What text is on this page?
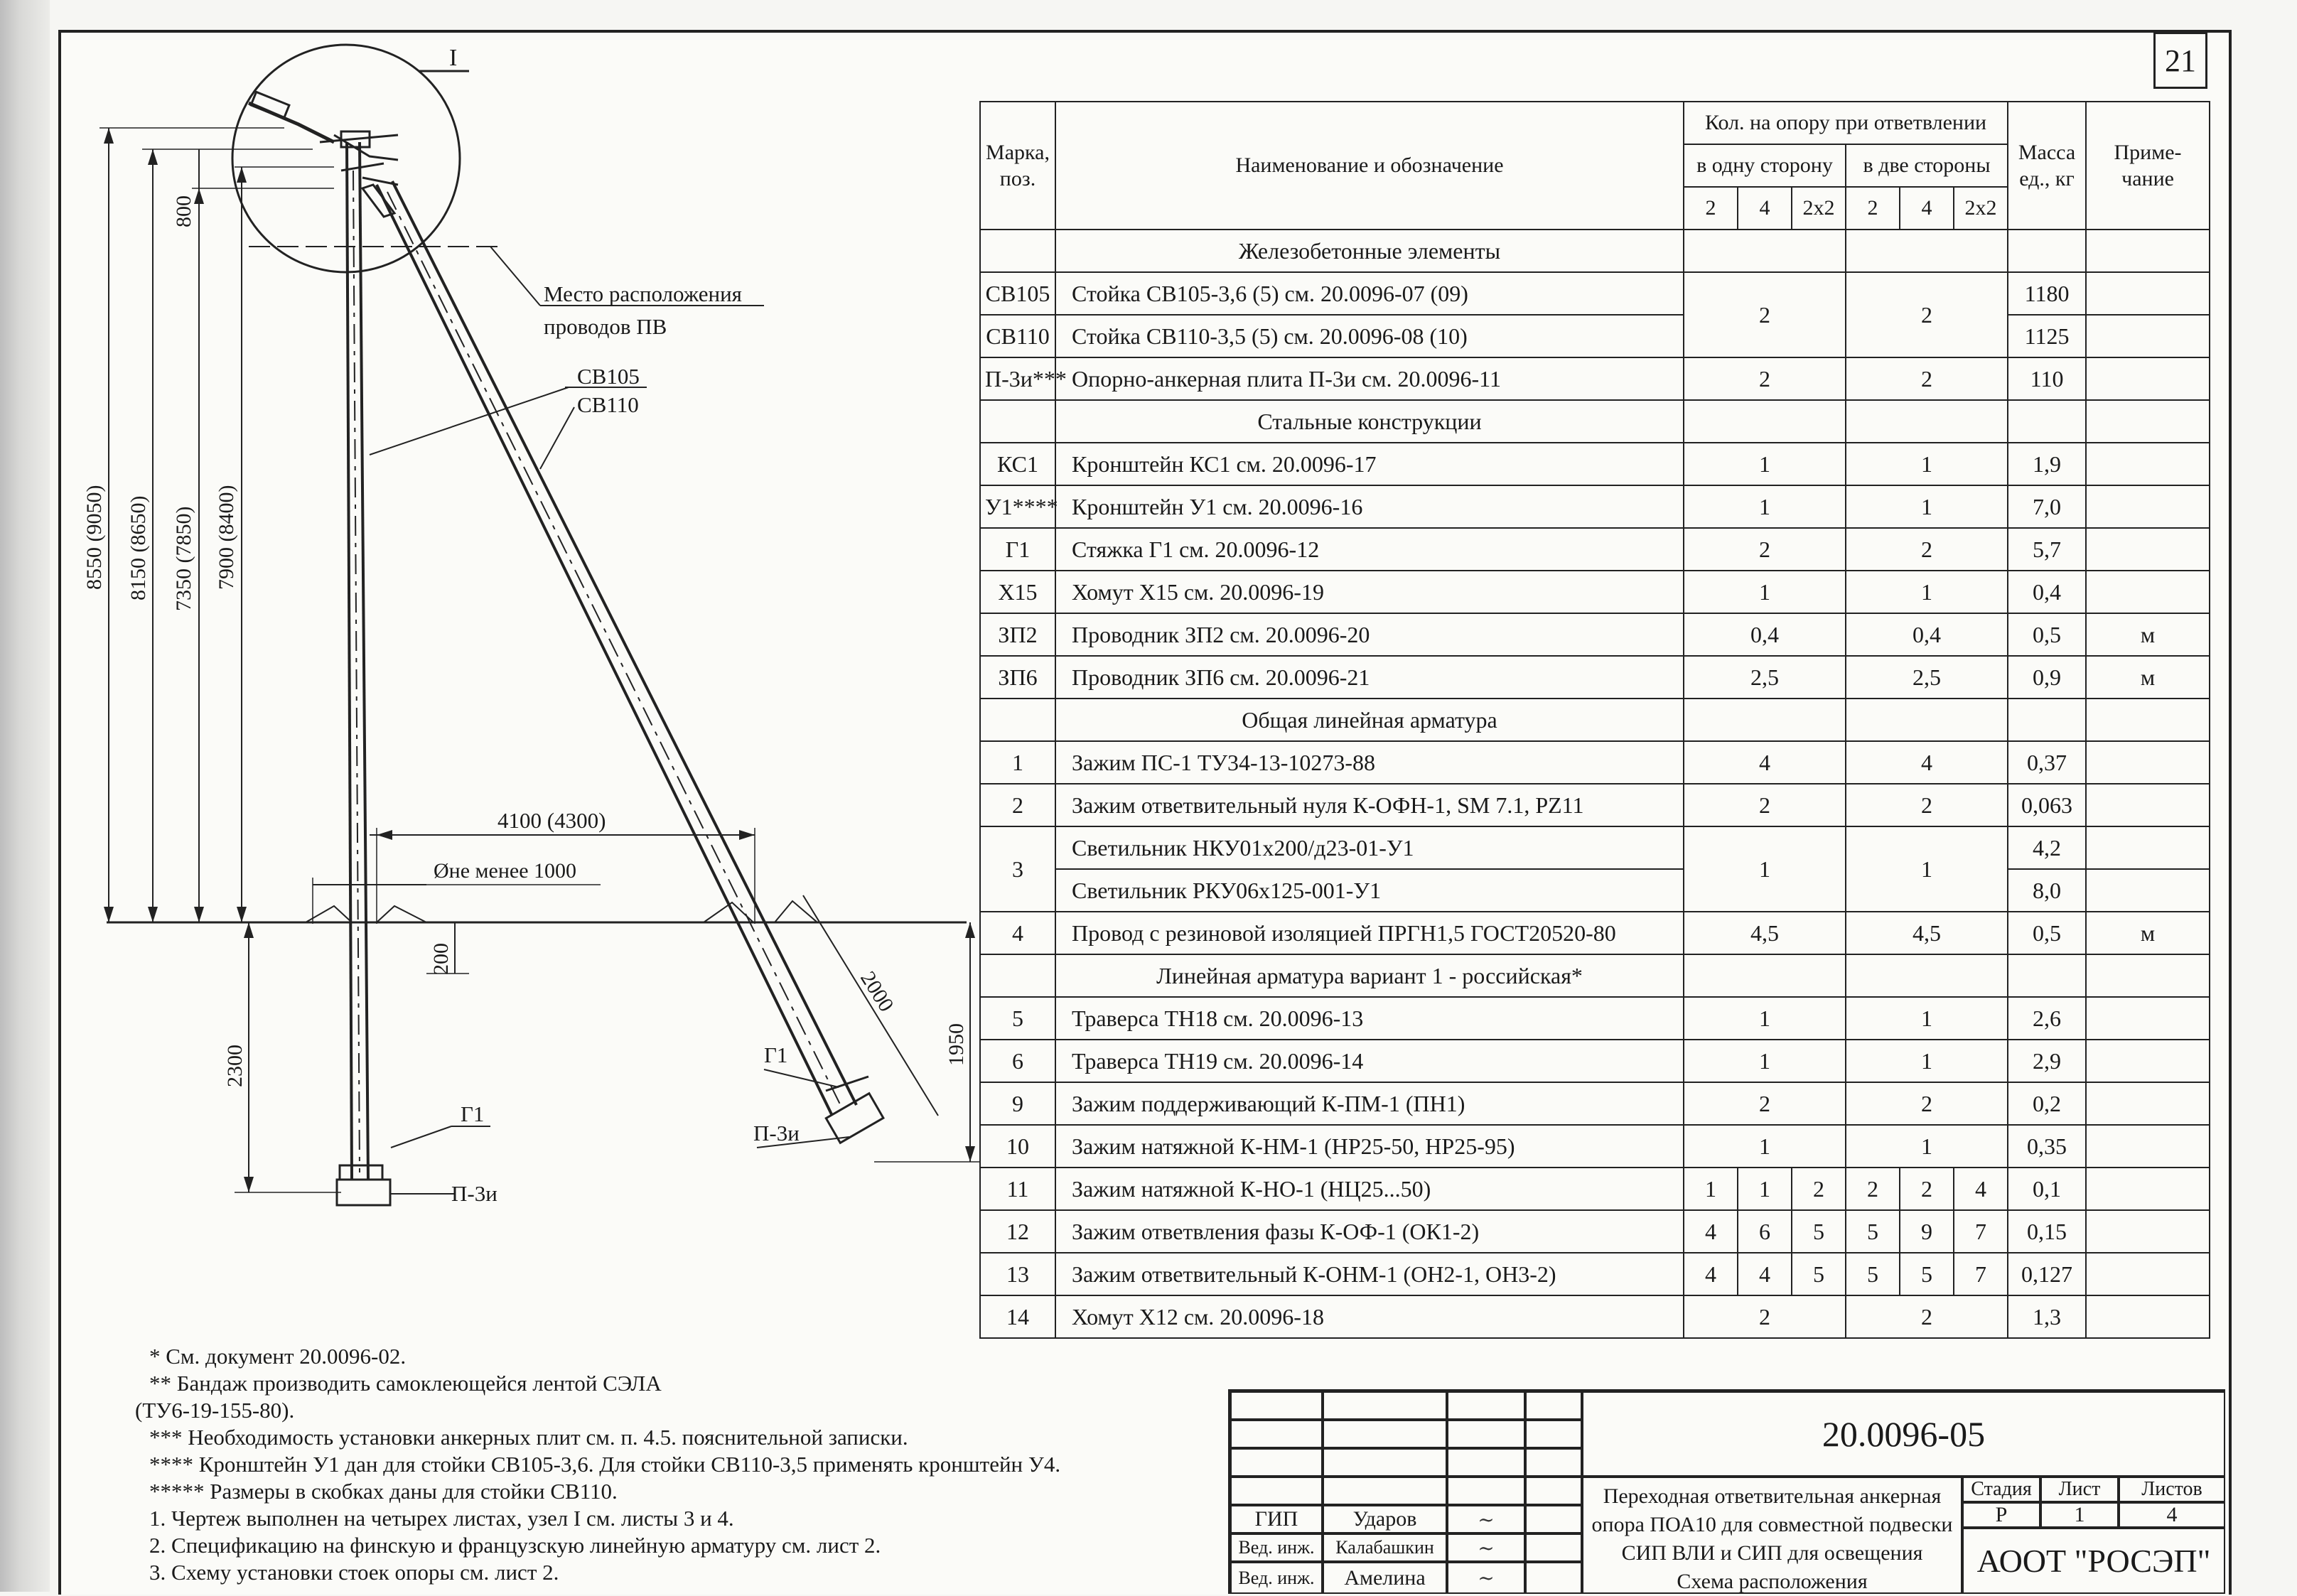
21
I
Место расположения
проводов ПВ
СВ105
СВ110
8550 (9050) 8150 (8650) 7350 (7850) 7900 (8400)
800
4100 (4300)
Øне менее 1000
200
2300
2000
1950
Г1
П-3и
Г1
П-3и
Марка, поз.	Наименование и обозначение	Кол. на опору при ответвлении						Масса ед., кг	Приме- чание
		в одну сторону			в две стороны				
		2	4	2х2	2	4	2х2		
	Железобетонные элементы								
СВ105	Стойка СВ105-3,6 (5) см. 20.0096-07 (09)	2			2			1180	
СВ110	Стойка СВ110-3,5 (5) см. 20.0096-08 (10)							1125	
П-3и***	Опорно-анкерная плита П-3и см. 20.0096-11	2			2			110	
	Стальные конструкции								
КС1	Кронштейн КС1 см. 20.0096-17	1			1			1,9	
У1****	Кронштейн У1 см. 20.0096-16	1			1			7,0	
Г1	Стяжка Г1 см. 20.0096-12	2			2			5,7	
Х15	Хомут Х15 см. 20.0096-19	1			1			0,4	
ЗП2	Проводник ЗП2 см. 20.0096-20	0,4			0,4			0,5	м
ЗП6	Проводник ЗП6 см. 20.0096-21	2,5			2,5			0,9	м
	Общая линейная арматура								
1	Зажим ПС-1 ТУ34-13-10273-88	4			4			0,37	
2	Зажим ответвительный нуля К-ОФН-1, SM 7.1, PZ11	2			2			0,063	
3	Светильник НКУ01х200/д23-01-У1	1			1			4,2	
	Светильник РКУ06х125-001-У1							8,0	
4	Провод с резиновой изоляцией ПРГН1,5 ГОСТ20520-80	4,5			4,5			0,5	м
	Линейная арматура вариант 1 - российская*								
5	Траверса ТН18 см. 20.0096-13	1			1			2,6	
6	Траверса ТН19 см. 20.0096-14	1			1			2,9	
9	Зажим поддерживающий К-ПМ-1 (ПН1)	2			2			0,2	
10	Зажим натяжной К-НМ-1 (НР25-50, НР25-95)	1			1			0,35	
11	Зажим натяжной К-НО-1 (НЦ25...50)	1	1	2	2	2	4	0,1	
12	Зажим ответвления фазы К-ОФ-1 (ОК1-2)	4	6	5	5	9	7	0,15	
13	Зажим ответвительный К-ОНМ-1 (ОН2-1, ОН3-2)	4	4	5	5	5	7	0,127	
14	Хомут Х12 см. 20.0096-18	2			2			1,3	
* См. документ 20.0096-02.
** Бандаж производить самоклеющейся лентой СЭЛА
(ТУ6-19-155-80).
*** Необходимость установки анкерных плит см. п. 4.5. пояснительной записки.
**** Кронштейн У1 дан для стойки СВ105-3,6. Для стойки СВ110-3,5 применять кронштейн У4.
***** Размеры в скобках даны для стойки СВ110.
1. Чертеж выполнен на четырех листах, узел I см. листы 3 и 4.
2. Спецификацию на финскую и французскую линейную арматуру см. лист 2.
3. Схему установки стоек опоры см. лист 2.
ГИП	Ударов	~
Вед. инж.	Калабашкин	~
Вед. инж.	Амелина	~
20.0096-05
Переходная ответвительная анкерная
опора ПОА10 для совместной подвески
СИП ВЛИ и СИП для освещения
Схема расположения
Стадия	Лист	Листов
Р	1	4
АООТ "РОСЭП"
